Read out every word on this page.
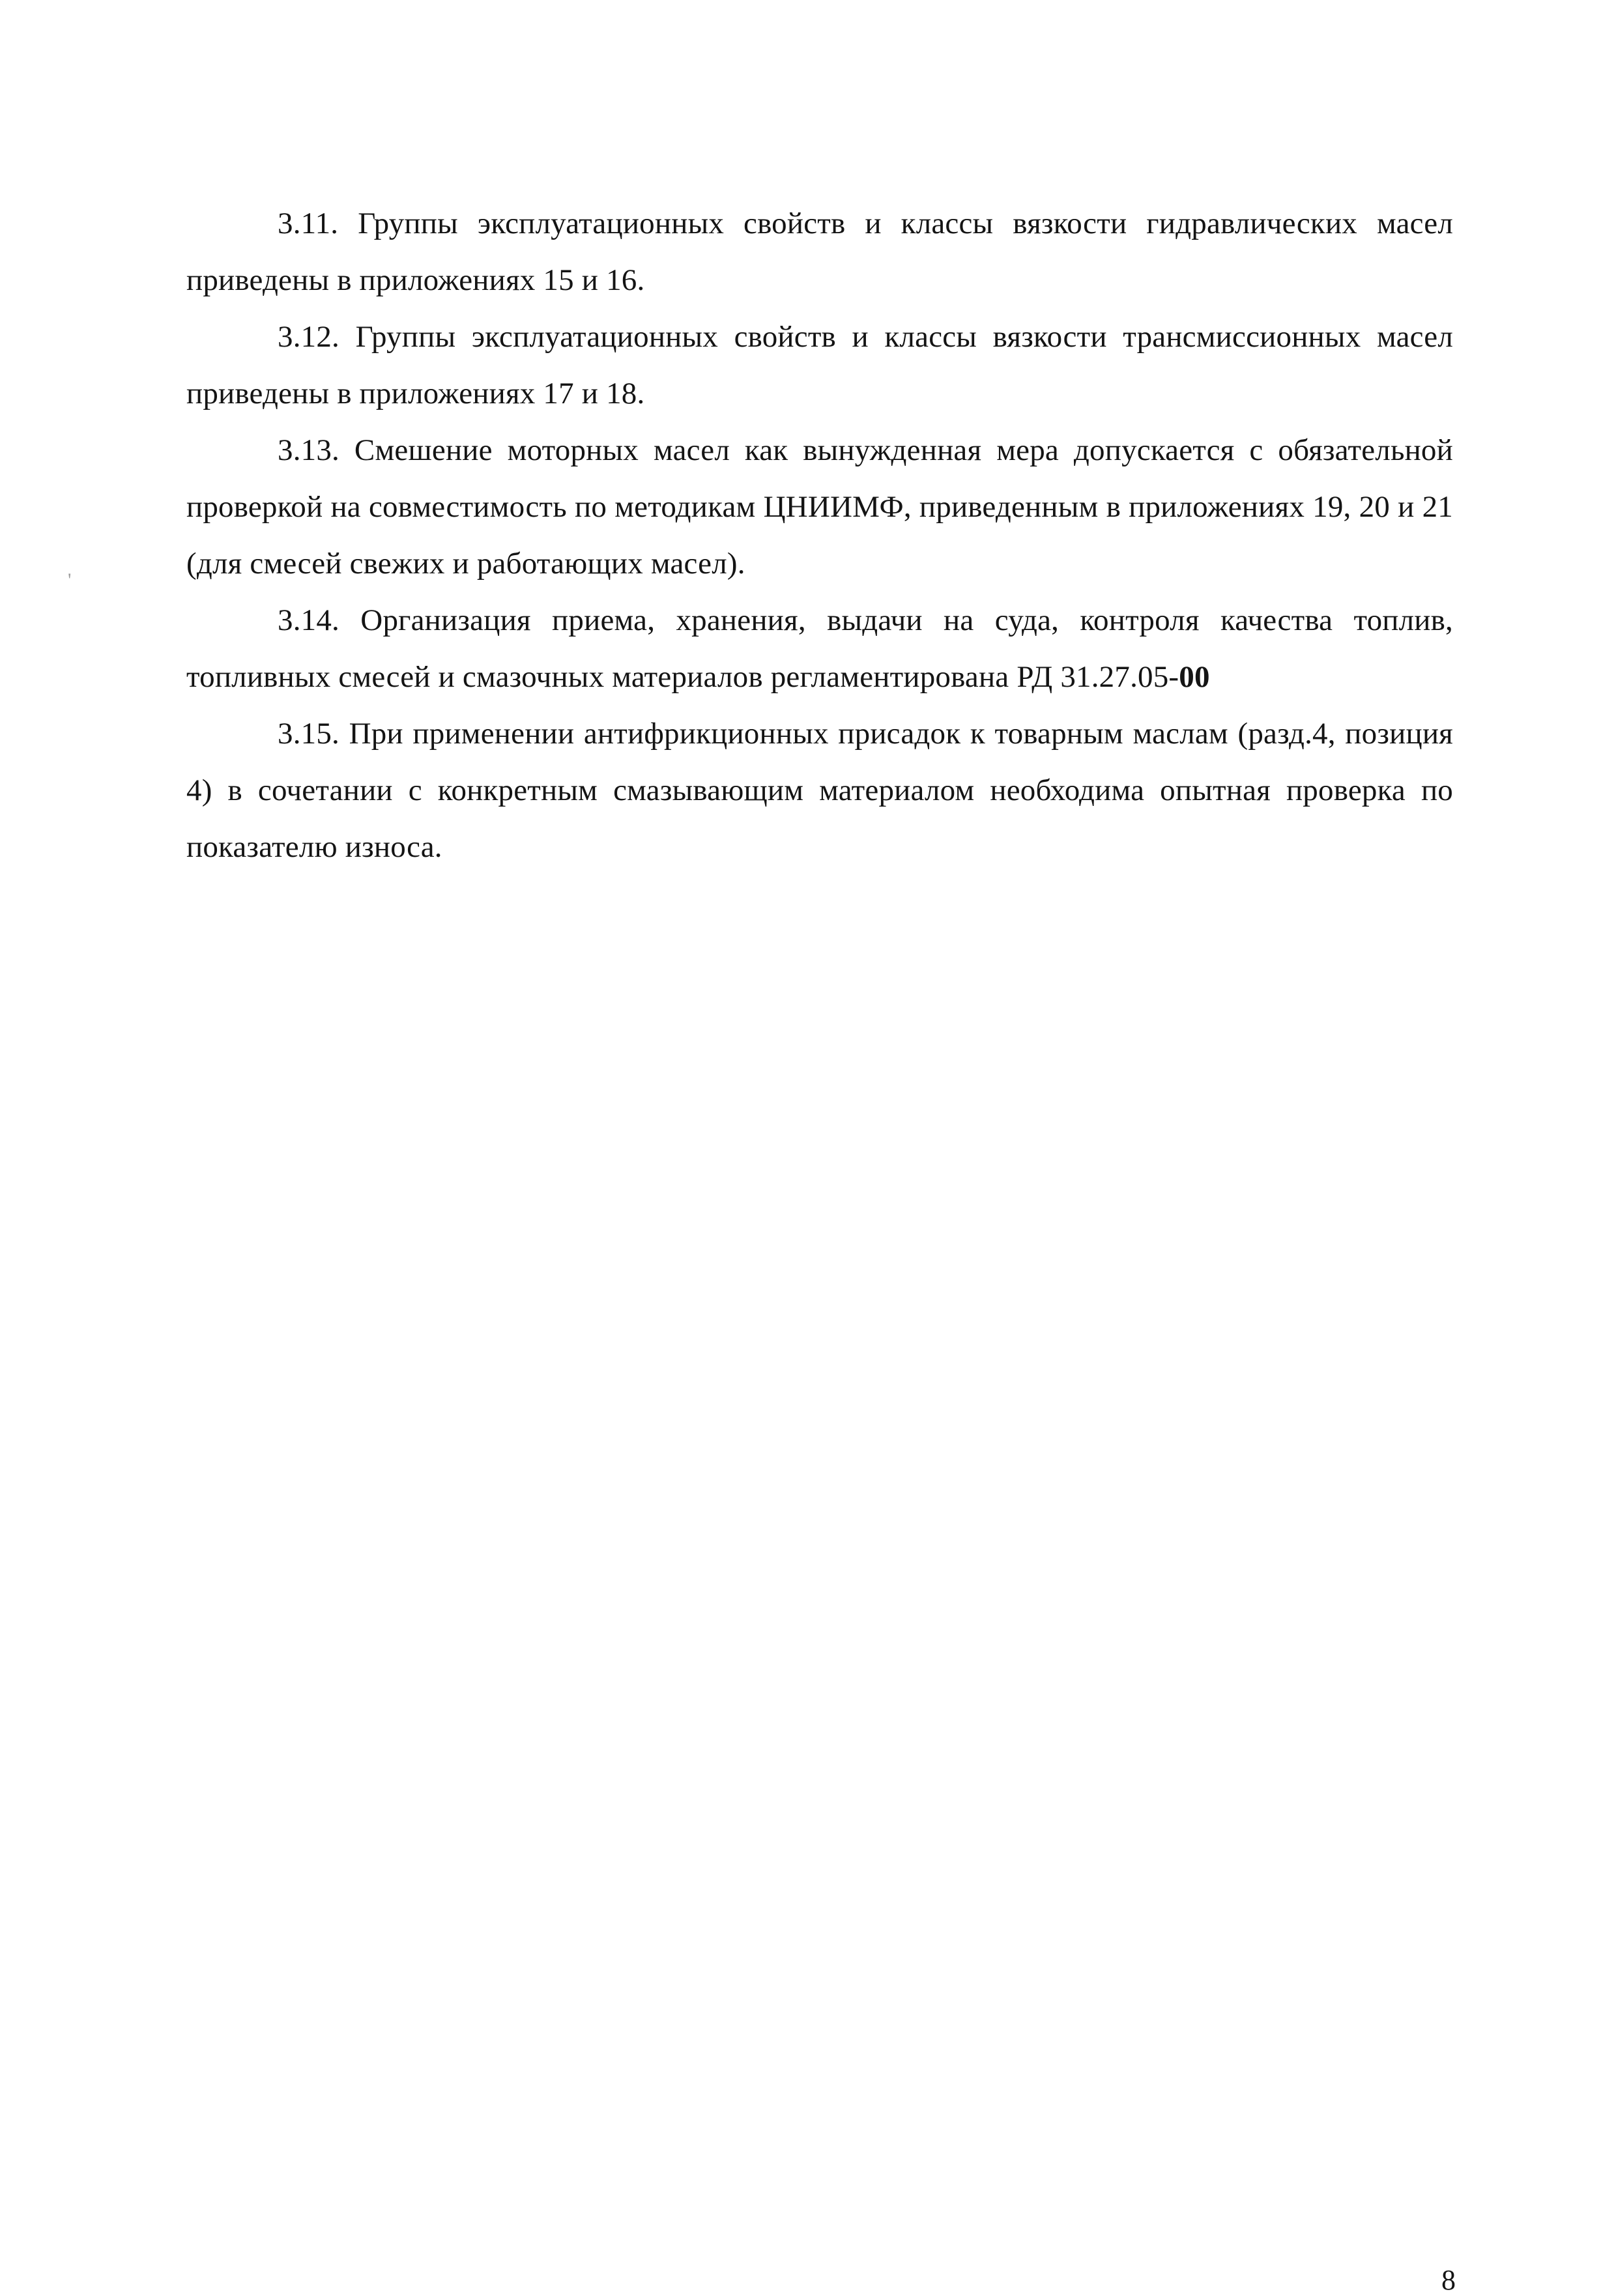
3.11. Группы эксплуатационных свойств и классы вязкости гидравлических масел приведены в приложениях 15 и 16.

3.12. Группы эксплуатационных свойств и классы вязкости трансмиссионных масел приведены в приложениях 17 и 18.

3.13. Смешение моторных масел как вынужденная мера допускается с обязательной проверкой на совместимость по методикам ЦНИИМФ, приведенным в приложениях 19, 20 и 21 (для смесей свежих и работающих масел).

3.14. Организация приема, хранения, выдачи на суда, контроля качества топлив, топливных смесей и смазочных материалов регламентирована РД 31.27.05-00

3.15. При применении антифрикционных присадок к товарным маслам (разд.4, позиция 4) в сочетании с конкретным смазывающим материалом необходима опытная проверка по показателю износа.

'
8
